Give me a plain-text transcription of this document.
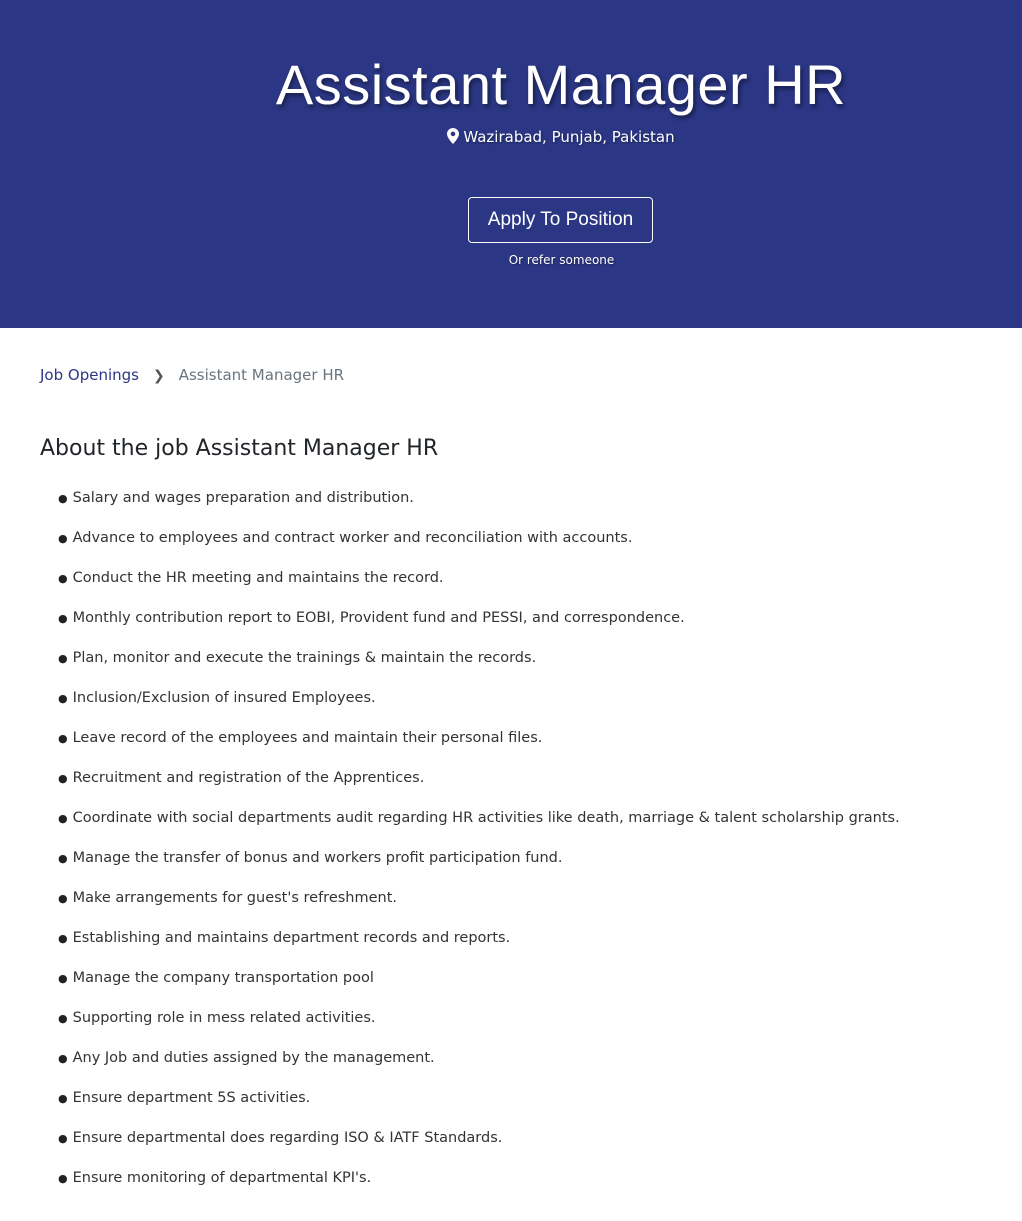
Assistant Manager HR
Wazirabad, Punjab, Pakistan
Apply To Position
Or refer someone
Job Openings ❯ Assistant Manager HR
About the job Assistant Manager HR
● Salary and wages preparation and distribution.
● Advance to employees and contract worker and reconciliation with accounts.
● Conduct the HR meeting and maintains the record.
● Monthly contribution report to EOBI, Provident fund and PESSI, and correspondence.
● Plan, monitor and execute the trainings & maintain the records.
● Inclusion/Exclusion of insured Employees.
● Leave record of the employees and maintain their personal files.
● Recruitment and registration of the Apprentices.
● Coordinate with social departments audit regarding HR activities like death, marriage & talent scholarship grants.
● Manage the transfer of bonus and workers profit participation fund.
● Make arrangements for guest's refreshment.
● Establishing and maintains department records and reports.
● Manage the company transportation pool
● Supporting role in mess related activities.
● Any Job and duties assigned by the management.
● Ensure department 5S activities.
● Ensure departmental does regarding ISO & IATF Standards.
● Ensure monitoring of departmental KPI's.
